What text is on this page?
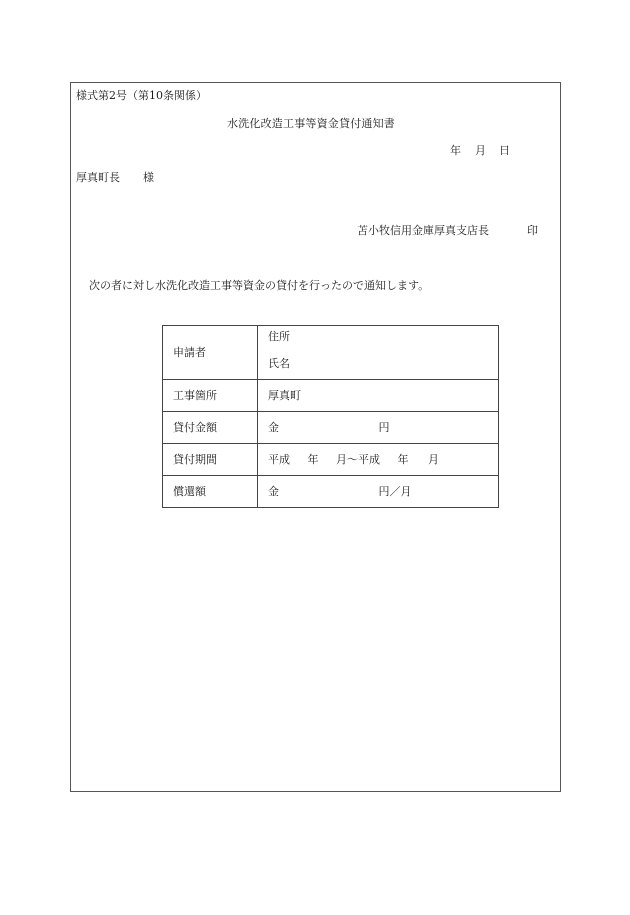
様式第2号（第10条関係）
水洗化改造工事等資金貸付通知書
年 月 日
厚真町長 様
苫小牧信用金庫厚真支店長	印
次の者に対し水洗化改造工事等資金の貸付を行ったので通知します。
申請者	住所
氏名

工事箇所	厚真町
貸付金額	金 円
貸付期間	平成 年 月〜平成 年 月
償還額	金 円／月
